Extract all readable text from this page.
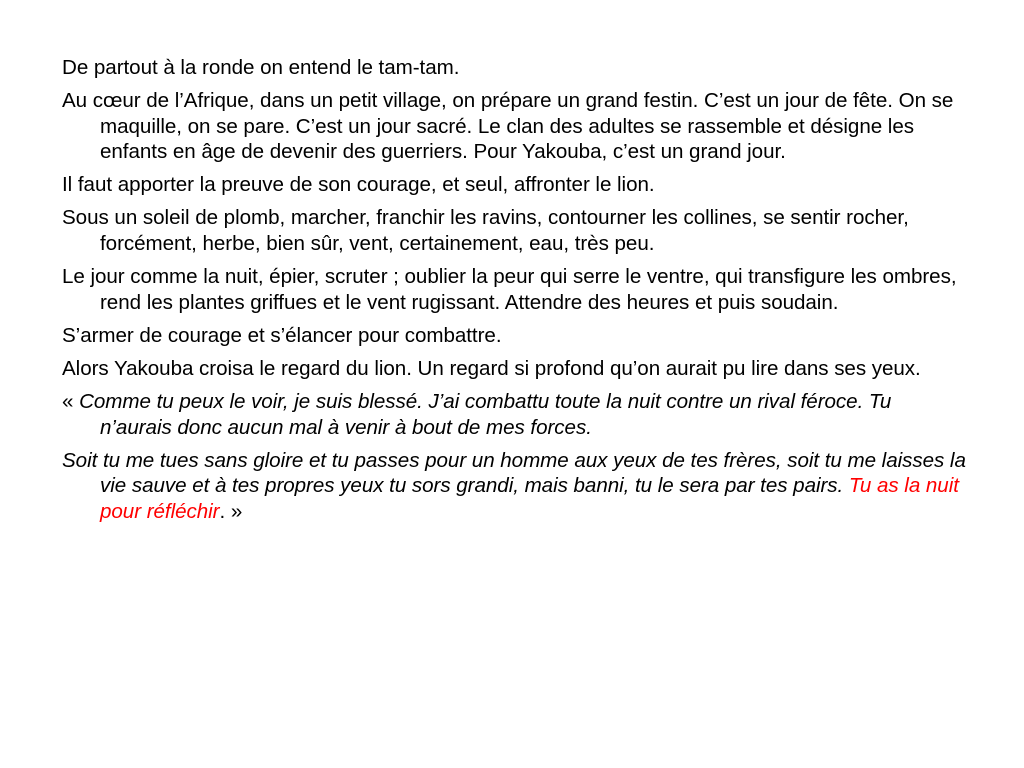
De partout à la ronde on entend le tam-tam.

Au cœur de l’Afrique, dans un petit village, on prépare un grand festin. C’est un jour de fête. On se maquille, on se pare. C’est un jour sacré. Le clan des adultes se rassemble et désigne les enfants en âge de devenir des guerriers. Pour Yakouba, c’est un grand jour.

Il faut apporter la preuve de son courage, et seul, affronter le lion.

Sous un soleil de plomb, marcher, franchir les ravins, contourner les collines, se sentir rocher, forcément, herbe, bien sûr, vent, certainement, eau, très peu.

Le jour comme la nuit, épier, scruter ; oublier la peur qui serre le ventre, qui transfigure les ombres, rend les plantes griffues et le vent rugissant. Attendre des heures et puis soudain.

S’armer de courage et s’élancer pour combattre.

Alors Yakouba croisa le regard du lion. Un regard si profond qu’on aurait pu lire dans ses yeux.

« Comme tu peux le voir, je suis blessé. J’ai combattu toute la nuit contre un rival féroce. Tu n’aurais donc aucun mal à venir à bout de mes forces.

Soit tu me tues sans gloire et tu passes pour un homme aux yeux de tes frères, soit tu me laisses la vie sauve et à tes propres yeux tu sors grandi, mais banni, tu le sera par tes pairs. Tu as la nuit pour réfléchir. »
